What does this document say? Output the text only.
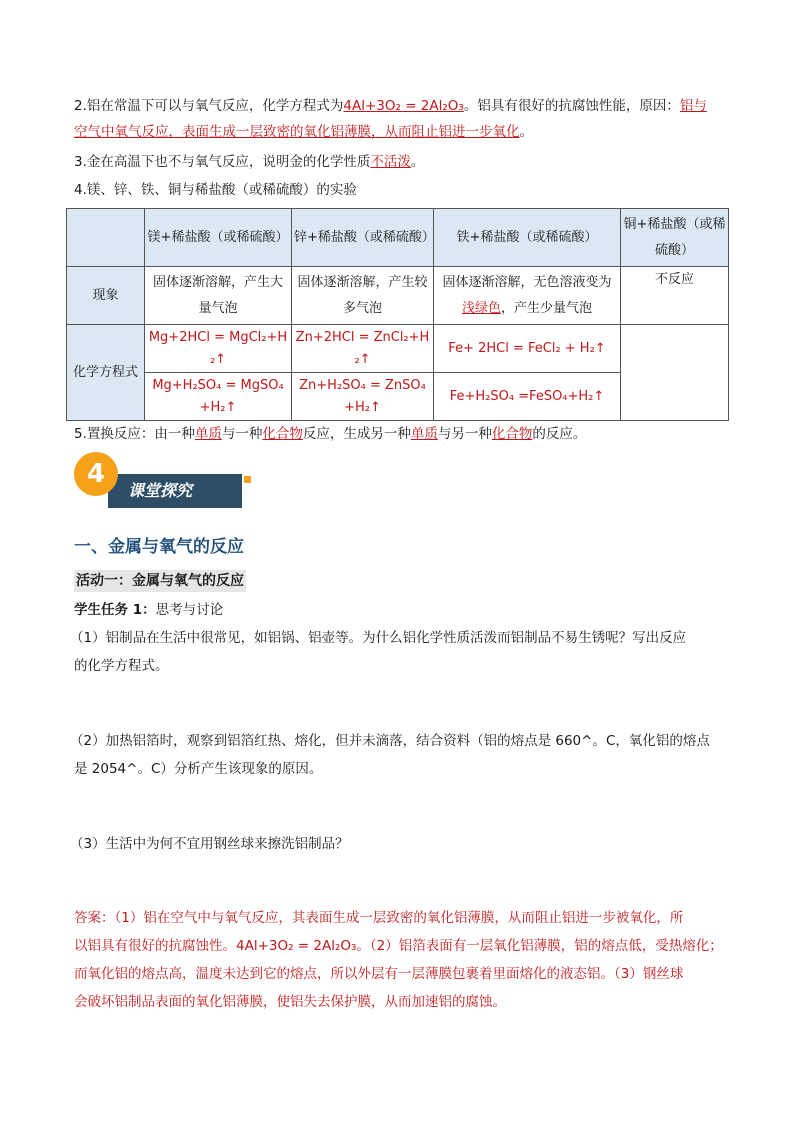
2.铝在常温下可以与氧气反应，化学方程式为4Al+3O₂ = 2Al₂O₃。铝具有很好的抗腐蚀性能，原因：铝与
空气中氧气反应，表面生成一层致密的氧化铝薄膜，从而阻止铝进一步氧化。
3.金在高温下也不与氧气反应，说明金的化学性质不活泼。
4.镁、锌、铁、铜与稀盐酸（或稀硫酸）的实验
	镁+稀盐酸（或稀硫酸）	锌+稀盐酸（或稀硫酸）	铁+稀盐酸（或稀硫酸）	铜+稀盐酸（或稀硫酸）
现象	固体逐渐溶解，产生大量气泡	固体逐渐溶解，产生较多气泡	固体逐渐溶解，无色溶液变为浅绿色，产生少量气泡	不反应
化学方程式	Mg+2HCl = MgCl₂+H₂↑	Zn+2HCl = ZnCl₂+H₂↑	Fe+ 2HCl = FeCl₂ + H₂↑	
	Mg+H₂SO₄ = MgSO₄+H₂↑	Zn+H₂SO₄ = ZnSO₄+H₂↑	Fe+H₂SO₄ =FeSO₄+H₂↑	
5.置换反应：由一种单质与一种化合物反应，生成另一种单质与另一种化合物的反应。
课堂探究
4
一、金属与氧气的反应
活动一：金属与氧气的反应
学生任务 1：思考与讨论
（1）铝制品在生活中很常见，如铝锅、铝壶等。为什么铝化学性质活泼而铝制品不易生锈呢？写出反应
的化学方程式。
（2）加热铝箔时，观察到铝箔红热、熔化，但并未滴落，结合资料（铝的熔点是 660^。C，氧化铝的熔点
是 2054^。C）分析产生该现象的原因。
（3）生活中为何不宜用钢丝球来擦洗铝制品？
答案：（1）铝在空气中与氧气反应，其表面生成一层致密的氧化铝薄膜，从而阻止铝进一步被氧化，所
以铝具有很好的抗腐蚀性。4Al+3O₂ = 2Al₂O₃。（2）铝箔表面有一层氧化铝薄膜，铝的熔点低，受热熔化；
而氧化铝的熔点高，温度未达到它的熔点，所以外层有一层薄膜包裹着里面熔化的液态铝。（3）钢丝球
会破坏铝制品表面的氧化铝薄膜，使铝失去保护膜，从而加速铝的腐蚀。
